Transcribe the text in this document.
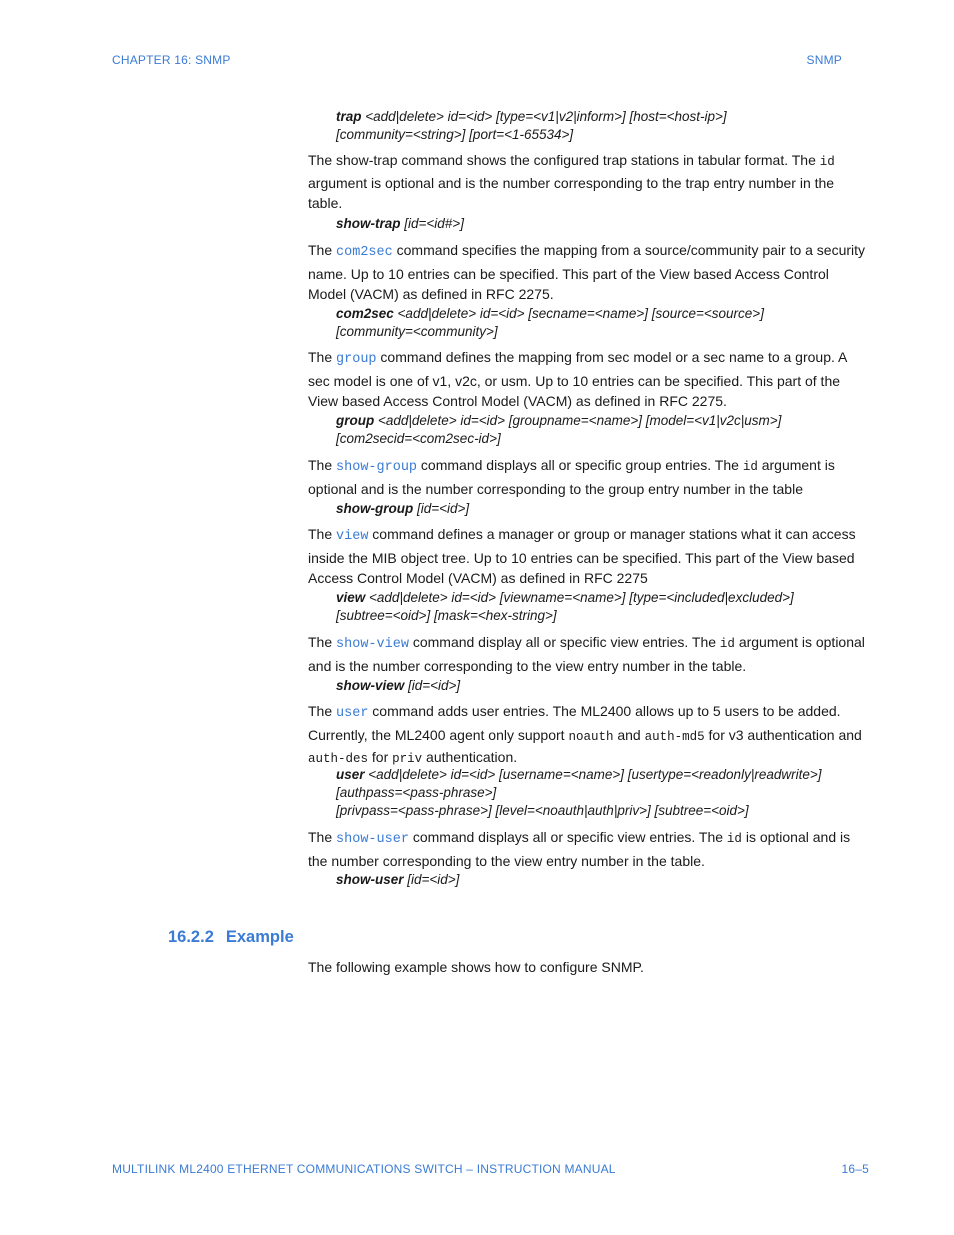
CHAPTER 16: SNMP	SNMP
trap <add|delete> id=<id> [type=<v1|v2|inform>] [host=<host-ip>]
[community=<string>] [port=<1-65534>]
The show-trap command shows the configured trap stations in tabular format. The id argument is optional and is the number corresponding to the trap entry number in the table.
show-trap [id=<id#>]
The com2sec command specifies the mapping from a source/community pair to a security name. Up to 10 entries can be specified. This part of the View based Access Control Model (VACM) as defined in RFC 2275.
com2sec <add|delete> id=<id> [secname=<name>] [source=<source>]
[community=<community>]
The group command defines the mapping from sec model or a sec name to a group. A sec model is one of v1, v2c, or usm. Up to 10 entries can be specified. This part of the View based Access Control Model (VACM) as defined in RFC 2275.
group <add|delete> id=<id> [groupname=<name>] [model=<v1|v2c|usm>]
[com2secid=<com2sec-id>]
The show-group command displays all or specific group entries. The id argument is optional and is the number corresponding to the group entry number in the table
show-group [id=<id>]
The view command defines a manager or group or manager stations what it can access inside the MIB object tree. Up to 10 entries can be specified. This part of the View based Access Control Model (VACM) as defined in RFC 2275
view <add|delete> id=<id> [viewname=<name>] [type=<included|excluded>]
[subtree=<oid>] [mask=<hex-string>]
The show-view command display all or specific view entries. The id argument is optional and is the number corresponding to the view entry number in the table.
show-view [id=<id>]
The user command adds user entries. The ML2400 allows up to 5 users to be added. Currently, the ML2400 agent only support noauth and auth-md5 for v3 authentication and auth-des for priv authentication.
user <add|delete> id=<id> [username=<name>] [usertype=<readonly|readwrite>]
[authpass=<pass-phrase>]
[privpass=<pass-phrase>] [level=<noauth|auth|priv>] [subtree=<oid>]
The show-user command displays all or specific view entries. The id is optional and is the number corresponding to the view entry number in the table.
show-user [id=<id>]
16.2.2 Example
The following example shows how to configure SNMP.
MULTILINK ML2400 ETHERNET COMMUNICATIONS SWITCH – INSTRUCTION MANUAL	16–5
